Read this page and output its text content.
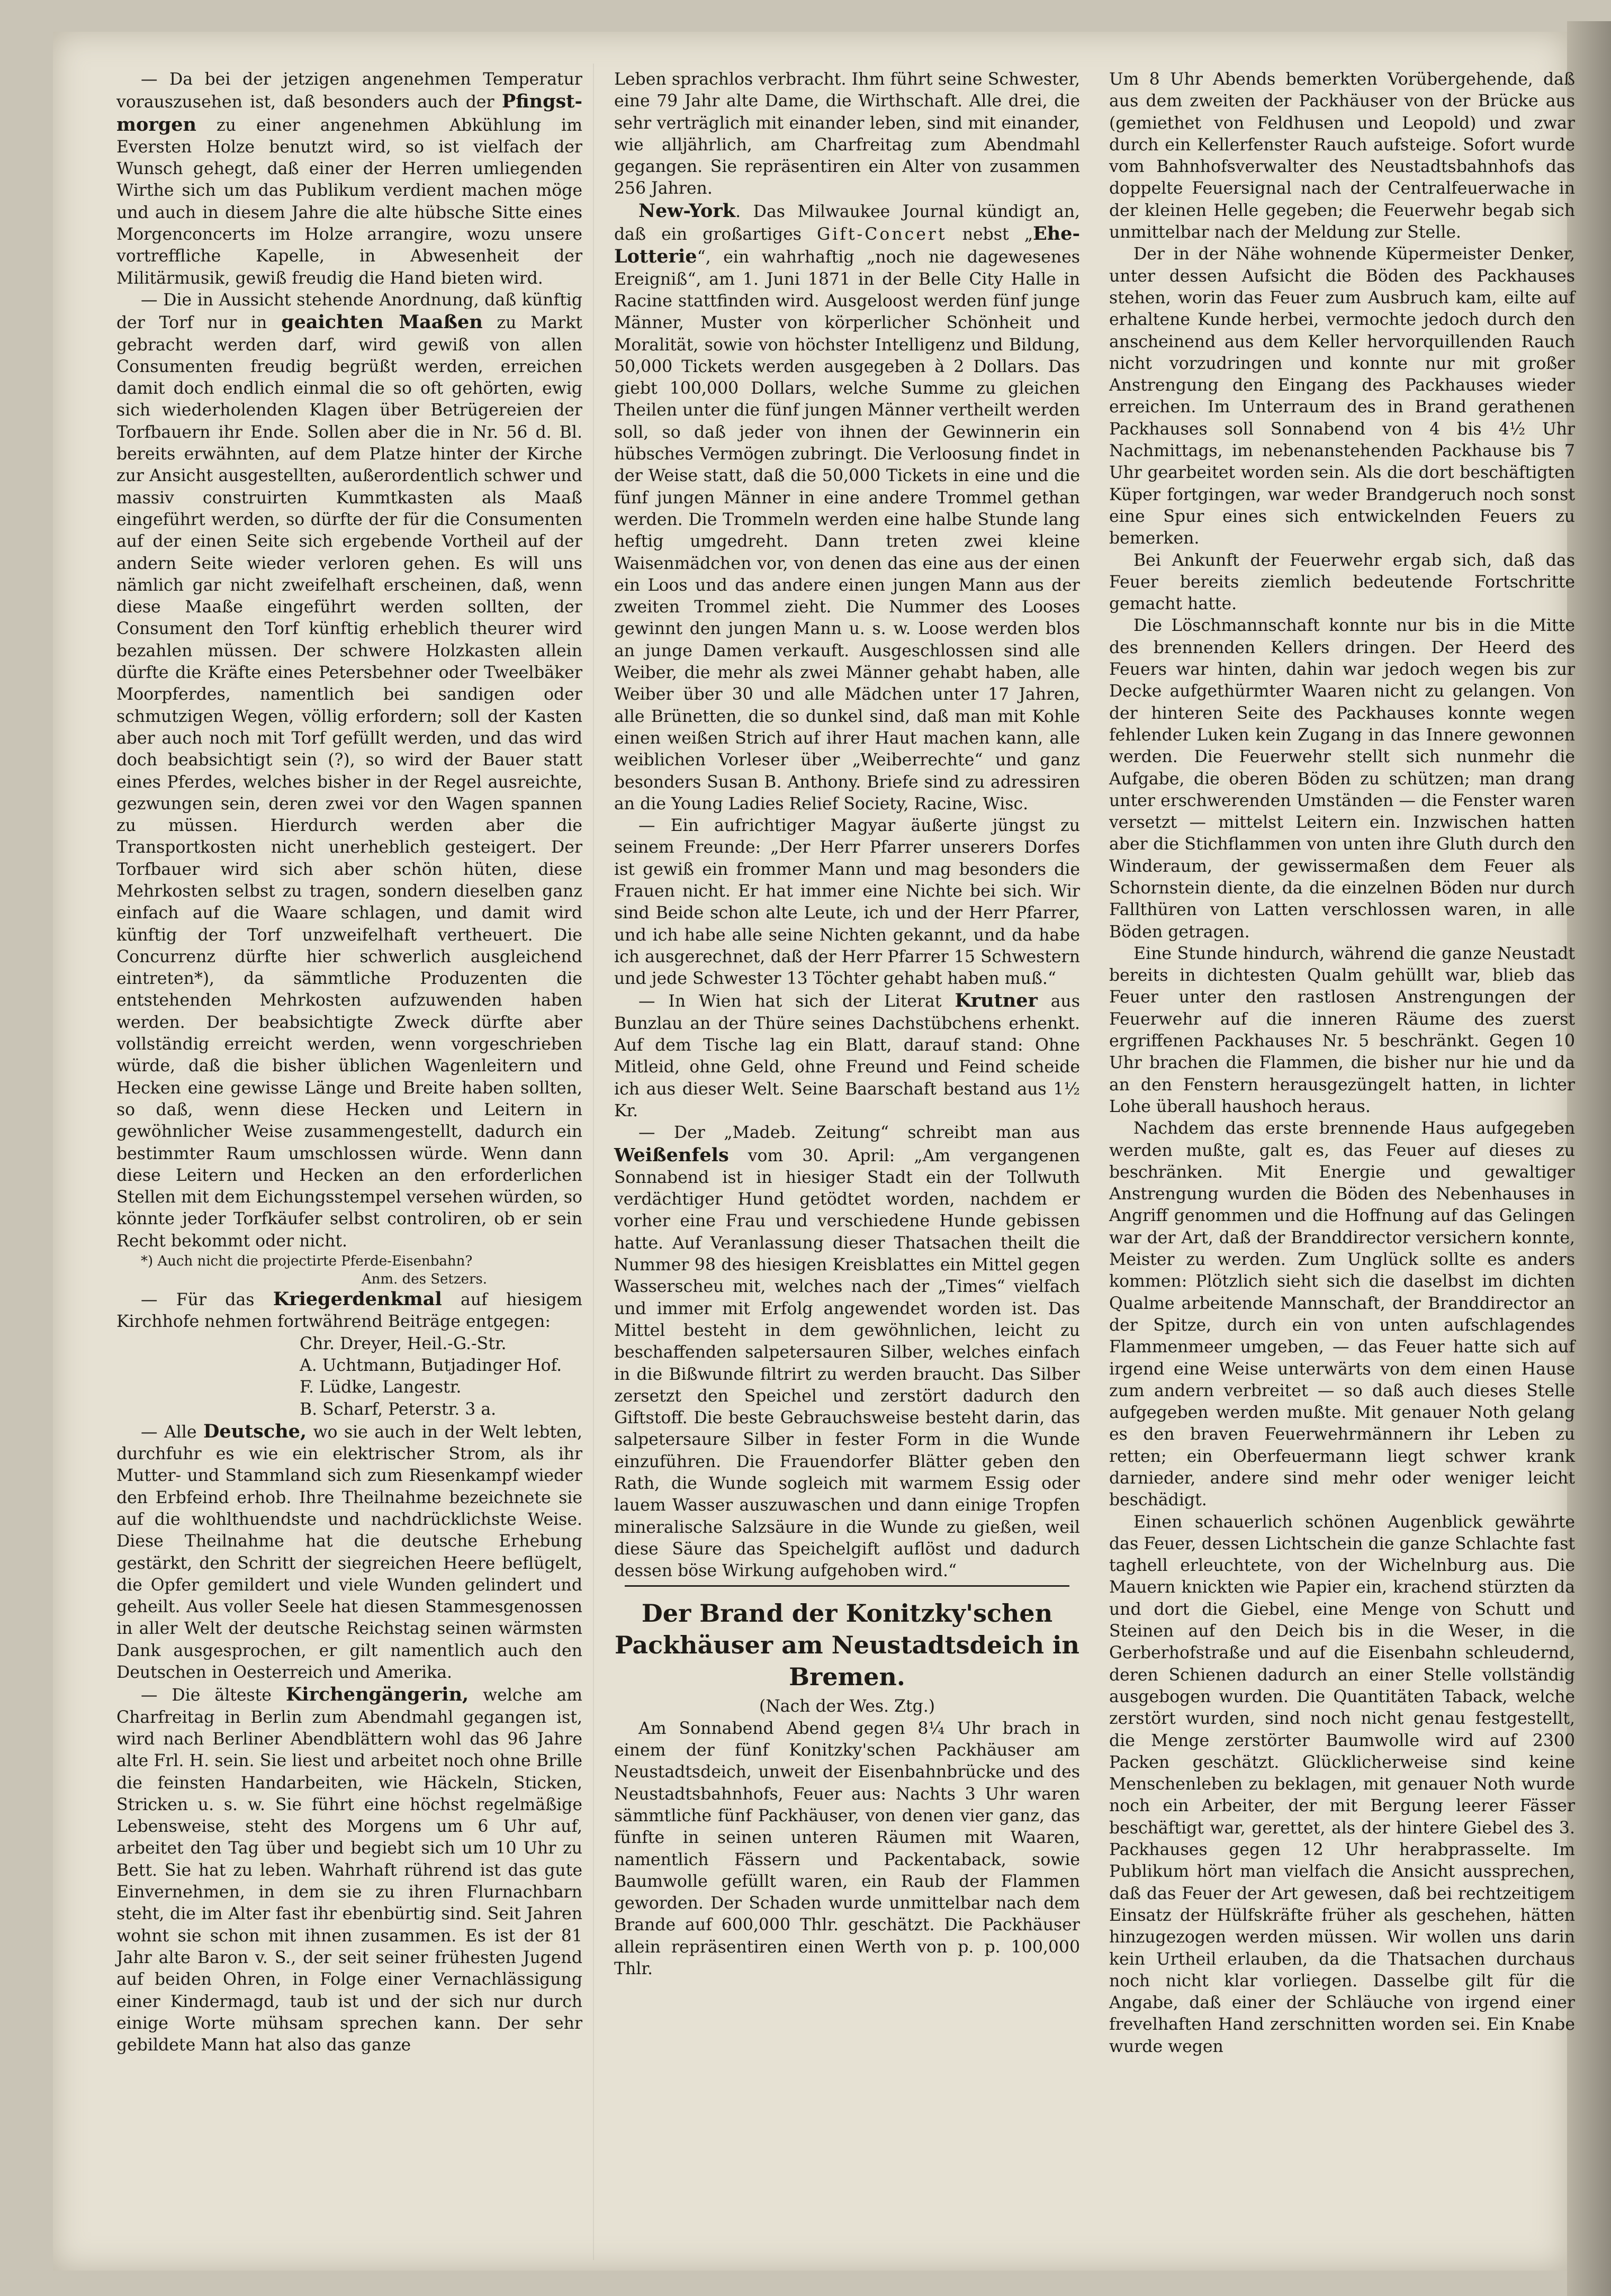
— Da bei der jetzigen angenehmen Temperatur vorauszusehen ist, daß besonders auch der Pfingst-morgen zu einer angenehmen Abkühlung im Eversten Holze benutzt wird, so ist vielfach der Wunsch gehegt, daß einer der Herren umliegenden Wirthe sich um das Publikum verdient machen möge und auch in diesem Jahre die alte hübsche Sitte eines Morgenconcerts im Holze arrangire, wozu unsere vortreffliche Kapelle, in Abwesenheit der Militärmusik, gewiß freudig die Hand bieten wird.

— Die in Aussicht stehende Anordnung, daß künftig der Torf nur in geaichten Maaßen zu Markt gebracht werden darf, wird gewiß von allen Consumenten freudig begrüßt werden, erreichen damit doch endlich einmal die so oft gehörten, ewig sich wiederholenden Klagen über Betrügereien der Torfbauern ihr Ende. Sollen aber die in Nr. 56 d. Bl. bereits erwähnten, auf dem Platze hinter der Kirche zur Ansicht ausgestellten, außerordentlich schwer und massiv construirten Kummtkasten als Maaß eingeführt werden, so dürfte der für die Consumenten auf der einen Seite sich ergebende Vortheil auf der andern Seite wieder verloren gehen. Es will uns nämlich gar nicht zweifelhaft erscheinen, daß, wenn diese Maaße eingeführt werden sollten, der Consument den Torf künftig erheblich theurer wird bezahlen müssen. Der schwere Holzkasten allein dürfte die Kräfte eines Petersbehner oder Tweelbäker Moorpferdes, namentlich bei sandigen oder schmutzigen Wegen, völlig erfordern; soll der Kasten aber auch noch mit Torf gefüllt werden, und das wird doch beabsichtigt sein (?), so wird der Bauer statt eines Pferdes, welches bisher in der Regel ausreichte, gezwungen sein, deren zwei vor den Wagen spannen zu müssen. Hierdurch werden aber die Transportkosten nicht unerheblich gesteigert. Der Torfbauer wird sich aber schön hüten, diese Mehrkosten selbst zu tragen, sondern dieselben ganz einfach auf die Waare schlagen, und damit wird künftig der Torf unzweifelhaft vertheuert. Die Concurrenz dürfte hier schwerlich ausgleichend eintreten*), da sämmtliche Produzenten die entstehenden Mehrkosten aufzuwenden haben werden. Der beabsichtigte Zweck dürfte aber vollständig erreicht werden, wenn vorgeschrieben würde, daß die bisher üblichen Wagenleitern und Hecken eine gewisse Länge und Breite haben sollten, so daß, wenn diese Hecken und Leitern in gewöhnlicher Weise zusammengestellt, dadurch ein bestimmter Raum umschlossen würde. Wenn dann diese Leitern und Hecken an den erforderlichen Stellen mit dem Eichungsstempel versehen würden, so könnte jeder Torfkäufer selbst controliren, ob er sein Recht bekommt oder nicht.

*) Auch nicht die projectirte Pferde-Eisenbahn?

Anm. des Setzers.

— Für das Kriegerdenkmal auf hiesigem Kirchhofe nehmen fortwährend Beiträge entgegen:

Chr. Dreyer, Heil.-G.-Str.

A. Uchtmann, Butjadinger Hof.

F. Lüdke, Langestr.

B. Scharf, Peterstr. 3 a.

— Alle Deutsche, wo sie auch in der Welt lebten, durchfuhr es wie ein elektrischer Strom, als ihr Mutter- und Stammland sich zum Riesenkampf wieder den Erbfeind erhob. Ihre Theilnahme bezeichnete sie auf die wohlthuendste und nachdrücklichste Weise. Diese Theilnahme hat die deutsche Erhebung gestärkt, den Schritt der siegreichen Heere beflügelt, die Opfer gemildert und viele Wunden gelindert und geheilt. Aus voller Seele hat diesen Stammesgenossen in aller Welt der deutsche Reichstag seinen wärmsten Dank ausgesprochen, er gilt namentlich auch den Deutschen in Oesterreich und Amerika.

— Die älteste Kirchengängerin, welche am Charfreitag in Berlin zum Abendmahl gegangen ist, wird nach Berliner Abendblättern wohl das 96 Jahre alte Frl. H. sein. Sie liest und arbeitet noch ohne Brille die feinsten Handarbeiten, wie Häckeln, Sticken, Stricken u. s. w. Sie führt eine höchst regelmäßige Lebensweise, steht des Morgens um 6 Uhr auf, arbeitet den Tag über und begiebt sich um 10 Uhr zu Bett. Sie hat zu leben. Wahrhaft rührend ist das gute Einvernehmen, in dem sie zu ihren Flurnachbarn steht, die im Alter fast ihr ebenbürtig sind. Seit Jahren wohnt sie schon mit ihnen zusammen. Es ist der 81 Jahr alte Baron v. S., der seit seiner frühesten Jugend auf beiden Ohren, in Folge einer Vernachlässigung einer Kindermagd, taub ist und der sich nur durch einige Worte mühsam sprechen kann. Der sehr gebildete Mann hat also das ganze

Leben sprachlos verbracht. Ihm führt seine Schwester, eine 79 Jahr alte Dame, die Wirthschaft. Alle drei, die sehr verträglich mit einander leben, sind mit einander, wie alljährlich, am Charfreitag zum Abendmahl gegangen. Sie repräsentiren ein Alter von zusammen 256 Jahren.

New-York. Das Milwaukee Journal kündigt an, daß ein großartiges Gift-Concert nebst „Ehe-Lotterie“, ein wahrhaftig „noch nie dagewesenes Ereigniß“, am 1. Juni 1871 in der Belle City Halle in Racine stattfinden wird. Ausgeloost werden fünf junge Männer, Muster von körperlicher Schönheit und Moralität, sowie von höchster Intelligenz und Bildung, 50,000 Tickets werden ausgegeben à 2 Dollars. Das giebt 100,000 Dollars, welche Summe zu gleichen Theilen unter die fünf jungen Männer vertheilt werden soll, so daß jeder von ihnen der Gewinnerin ein hübsches Vermögen zubringt. Die Verloosung findet in der Weise statt, daß die 50,000 Tickets in eine und die fünf jungen Männer in eine andere Trommel gethan werden. Die Trommeln werden eine halbe Stunde lang heftig umgedreht. Dann treten zwei kleine Waisenmädchen vor, von denen das eine aus der einen ein Loos und das andere einen jungen Mann aus der zweiten Trommel zieht. Die Nummer des Looses gewinnt den jungen Mann u. s. w. Loose werden blos an junge Damen verkauft. Ausgeschlossen sind alle Weiber, die mehr als zwei Männer gehabt haben, alle Weiber über 30 und alle Mädchen unter 17 Jahren, alle Brünetten, die so dunkel sind, daß man mit Kohle einen weißen Strich auf ihrer Haut machen kann, alle weiblichen Vorleser über „Weiberrechte“ und ganz besonders Susan B. Anthony. Briefe sind zu adressiren an die Young Ladies Relief Society, Racine, Wisc.

— Ein aufrichtiger Magyar äußerte jüngst zu seinem Freunde: „Der Herr Pfarrer unserers Dorfes ist gewiß ein frommer Mann und mag besonders die Frauen nicht. Er hat immer eine Nichte bei sich. Wir sind Beide schon alte Leute, ich und der Herr Pfarrer, und ich habe alle seine Nichten gekannt, und da habe ich ausgerechnet, daß der Herr Pfarrer 15 Schwestern und jede Schwester 13 Töchter gehabt haben muß.“

— In Wien hat sich der Literat Krutner aus Bunzlau an der Thüre seines Dachstübchens erhenkt. Auf dem Tische lag ein Blatt, darauf stand: Ohne Mitleid, ohne Geld, ohne Freund und Feind scheide ich aus dieser Welt. Seine Baarschaft bestand aus 1½ Kr.

— Der „Madeb. Zeitung“ schreibt man aus Weißenfels vom 30. April: „Am vergangenen Sonnabend ist in hiesiger Stadt ein der Tollwuth verdächtiger Hund getödtet worden, nachdem er vorher eine Frau und verschiedene Hunde gebissen hatte. Auf Veranlassung dieser Thatsachen theilt die Nummer 98 des hiesigen Kreisblattes ein Mittel gegen Wasserscheu mit, welches nach der „Times“ vielfach und immer mit Erfolg angewendet worden ist. Das Mittel besteht in dem gewöhnlichen, leicht zu beschaffenden salpetersauren Silber, welches einfach in die Bißwunde filtrirt zu werden braucht. Das Silber zersetzt den Speichel und zerstört dadurch den Giftstoff. Die beste Gebrauchsweise besteht darin, das salpetersaure Silber in fester Form in die Wunde einzuführen. Die Frauendorfer Blätter geben den Rath, die Wunde sogleich mit warmem Essig oder lauem Wasser auszuwaschen und dann einige Tropfen mineralische Salzsäure in die Wunde zu gießen, weil diese Säure das Speichelgift auflöst und dadurch dessen böse Wirkung aufgehoben wird.“

Der Brand der Konitzky'schen Packhäuser am Neustadtsdeich in Bremen.

(Nach der Wes. Ztg.)

Am Sonnabend Abend gegen 8¼ Uhr brach in einem der fünf Konitzky'schen Packhäuser am Neustadtsdeich, unweit der Eisenbahnbrücke und des Neustadtsbahnhofs, Feuer aus: Nachts 3 Uhr waren sämmtliche fünf Packhäuser, von denen vier ganz, das fünfte in seinen unteren Räumen mit Waaren, namentlich Fässern und Packentaback, sowie Baumwolle gefüllt waren, ein Raub der Flammen geworden. Der Schaden wurde unmittelbar nach dem Brande auf 600,000 Thlr. geschätzt. Die Packhäuser allein repräsentiren einen Werth von p. p. 100,000 Thlr.

Um 8 Uhr Abends bemerkten Vorübergehende, daß aus dem zweiten der Packhäuser von der Brücke aus (gemiethet von Feldhusen und Leopold) und zwar durch ein Kellerfenster Rauch aufsteige. Sofort wurde vom Bahnhofsverwalter des Neustadtsbahnhofs das doppelte Feuersignal nach der Centralfeuerwache in der kleinen Helle gegeben; die Feuerwehr begab sich unmittelbar nach der Meldung zur Stelle.

Der in der Nähe wohnende Küpermeister Denker, unter dessen Aufsicht die Böden des Packhauses stehen, worin das Feuer zum Ausbruch kam, eilte auf erhaltene Kunde herbei, vermochte jedoch durch den anscheinend aus dem Keller hervorquillenden Rauch nicht vorzudringen und konnte nur mit großer Anstrengung den Eingang des Packhauses wieder erreichen. Im Unterraum des in Brand gerathenen Packhauses soll Sonnabend von 4 bis 4½ Uhr Nachmittags, im nebenanstehenden Packhause bis 7 Uhr gearbeitet worden sein. Als die dort beschäftigten Küper fortgingen, war weder Brandgeruch noch sonst eine Spur eines sich entwickelnden Feuers zu bemerken.

Bei Ankunft der Feuerwehr ergab sich, daß das Feuer bereits ziemlich bedeutende Fortschritte gemacht hatte.

Die Löschmannschaft konnte nur bis in die Mitte des brennenden Kellers dringen. Der Heerd des Feuers war hinten, dahin war jedoch wegen bis zur Decke aufgethürmter Waaren nicht zu gelangen. Von der hinteren Seite des Packhauses konnte wegen fehlender Luken kein Zugang in das Innere gewonnen werden. Die Feuerwehr stellt sich nunmehr die Aufgabe, die oberen Böden zu schützen; man drang unter erschwerenden Umständen — die Fenster waren versetzt — mittelst Leitern ein. Inzwischen hatten aber die Stichflammen von unten ihre Gluth durch den Winderaum, der gewissermaßen dem Feuer als Schornstein diente, da die einzelnen Böden nur durch Fallthüren von Latten verschlossen waren, in alle Böden getragen.

Eine Stunde hindurch, während die ganze Neustadt bereits in dichtesten Qualm gehüllt war, blieb das Feuer unter den rastlosen Anstrengungen der Feuerwehr auf die inneren Räume des zuerst ergriffenen Packhauses Nr. 5 beschränkt. Gegen 10 Uhr brachen die Flammen, die bisher nur hie und da an den Fenstern herausgezüngelt hatten, in lichter Lohe überall haushoch heraus.

Nachdem das erste brennende Haus aufgegeben werden mußte, galt es, das Feuer auf dieses zu beschränken. Mit Energie und gewaltiger Anstrengung wurden die Böden des Nebenhauses in Angriff genommen und die Hoffnung auf das Gelingen war der Art, daß der Branddirector versichern konnte, Meister zu werden. Zum Unglück sollte es anders kommen: Plötzlich sieht sich die daselbst im dichten Qualme arbeitende Mannschaft, der Branddirector an der Spitze, durch ein von unten aufschlagendes Flammenmeer umgeben, — das Feuer hatte sich auf irgend eine Weise unterwärts von dem einen Hause zum andern verbreitet — so daß auch dieses Stelle aufgegeben werden mußte. Mit genauer Noth gelang es den braven Feuerwehrmännern ihr Leben zu retten; ein Oberfeuermann liegt schwer krank darnieder, andere sind mehr oder weniger leicht beschädigt.

Einen schauerlich schönen Augenblick gewährte das Feuer, dessen Lichtschein die ganze Schlachte fast taghell erleuchtete, von der Wichelnburg aus. Die Mauern knickten wie Papier ein, krachend stürzten da und dort die Giebel, eine Menge von Schutt und Steinen auf den Deich bis in die Weser, in die Gerberhofstraße und auf die Eisenbahn schleudernd, deren Schienen dadurch an einer Stelle vollständig ausgebogen wurden. Die Quantitäten Taback, welche zerstört wurden, sind noch nicht genau festgestellt, die Menge zerstörter Baumwolle wird auf 2300 Packen geschätzt. Glücklicherweise sind keine Menschenleben zu beklagen, mit genauer Noth wurde noch ein Arbeiter, der mit Bergung leerer Fässer beschäftigt war, gerettet, als der hintere Giebel des 3. Packhauses gegen 12 Uhr herabprasselte. Im Publikum hört man vielfach die Ansicht aussprechen, daß das Feuer der Art gewesen, daß bei rechtzeitigem Einsatz der Hülfskräfte früher als geschehen, hätten hinzugezogen werden müssen. Wir wollen uns darin kein Urtheil erlauben, da die Thatsachen durchaus noch nicht klar vorliegen. Dasselbe gilt für die Angabe, daß einer der Schläuche von irgend einer frevelhaften Hand zerschnitten worden sei. Ein Knabe wurde wegen
